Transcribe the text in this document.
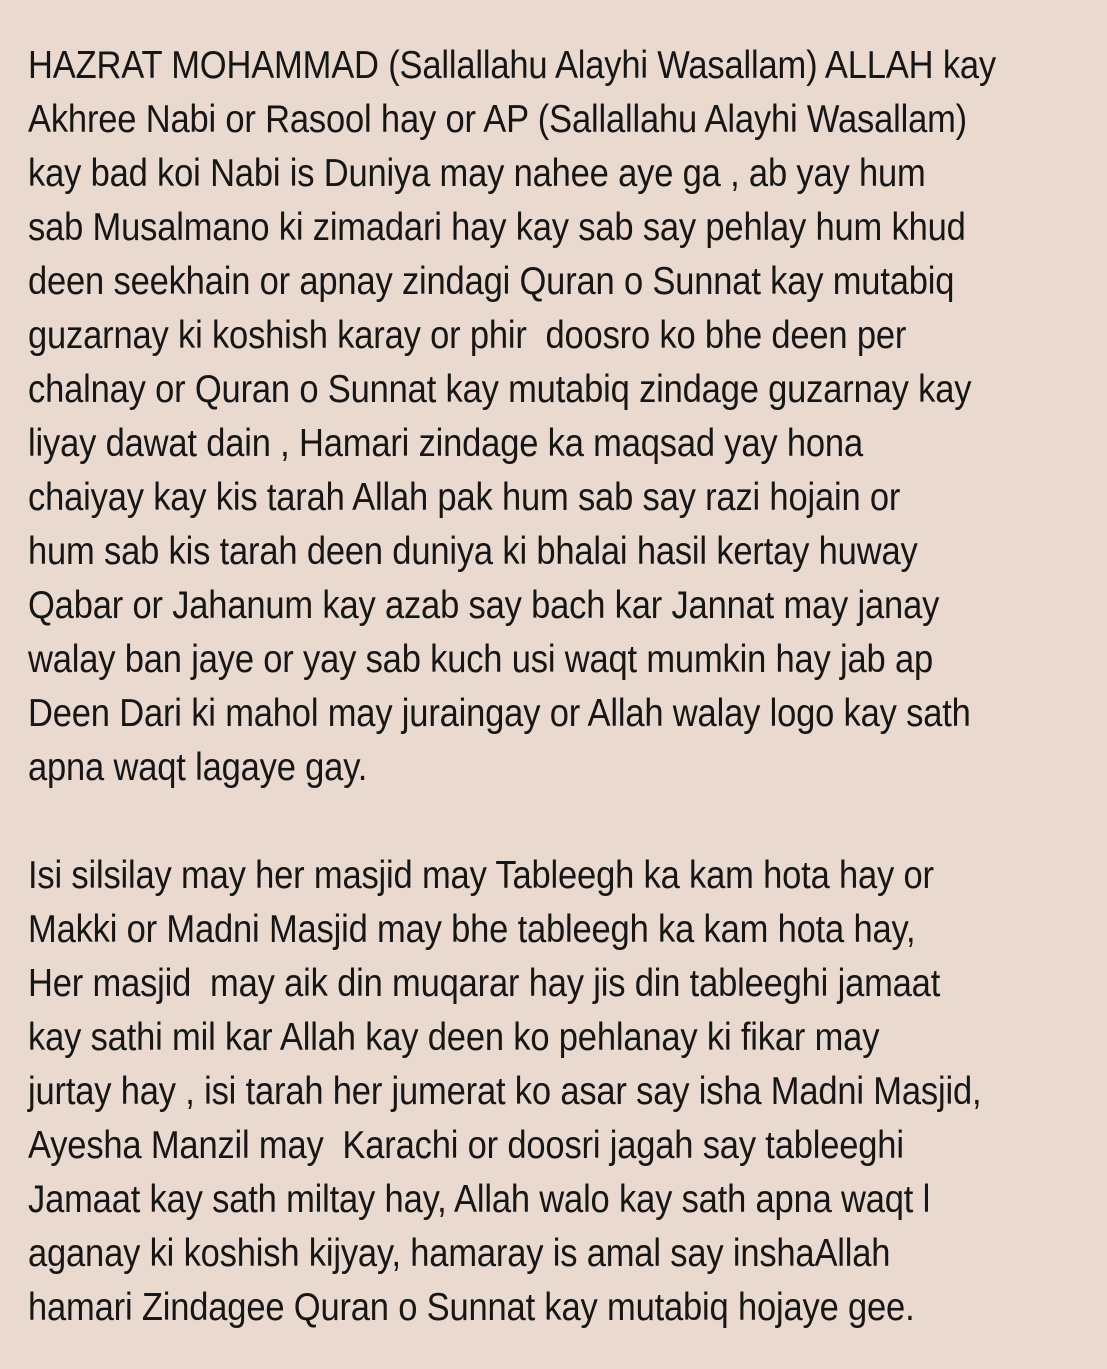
HAZRAT MOHAMMAD (Sallallahu Alayhi Wasallam) ALLAH kay
Akhree Nabi or Rasool hay or AP (Sallallahu Alayhi Wasallam)
kay bad koi Nabi is Duniya may nahee aye ga , ab yay hum
sab Musalmano ki zimadari hay kay sab say pehlay hum khud
deen seekhain or apnay zindagi Quran o Sunnat kay mutabiq
guzarnay ki koshish karay or phir  doosro ko bhe deen per
chalnay or Quran o Sunnat kay mutabiq zindage guzarnay kay
liyay dawat dain , Hamari zindage ka maqsad yay hona
chaiyay kay kis tarah Allah pak hum sab say razi hojain or
hum sab kis tarah deen duniya ki bhalai hasil kertay huway
Qabar or Jahanum kay azab say bach kar Jannat may janay
walay ban jaye or yay sab kuch usi waqt mumkin hay jab ap
Deen Dari ki mahol may juraingay or Allah walay logo kay sath
apna waqt lagaye gay.

Isi silsilay may her masjid may Tableegh ka kam hota hay or
Makki or Madni Masjid may bhe tableegh ka kam hota hay,
Her masjid  may aik din muqarar hay jis din tableeghi jamaat
kay sathi mil kar Allah kay deen ko pehlanay ki fikar may
jurtay hay , isi tarah her jumerat ko asar say isha Madni Masjid,
Ayesha Manzil may  Karachi or doosri jagah say tableeghi
Jamaat kay sath miltay hay, Allah walo kay sath apna waqt l
aganay ki koshish kijyay, hamaray is amal say inshaAllah
hamari Zindagee Quran o Sunnat kay mutabiq hojaye gee.
